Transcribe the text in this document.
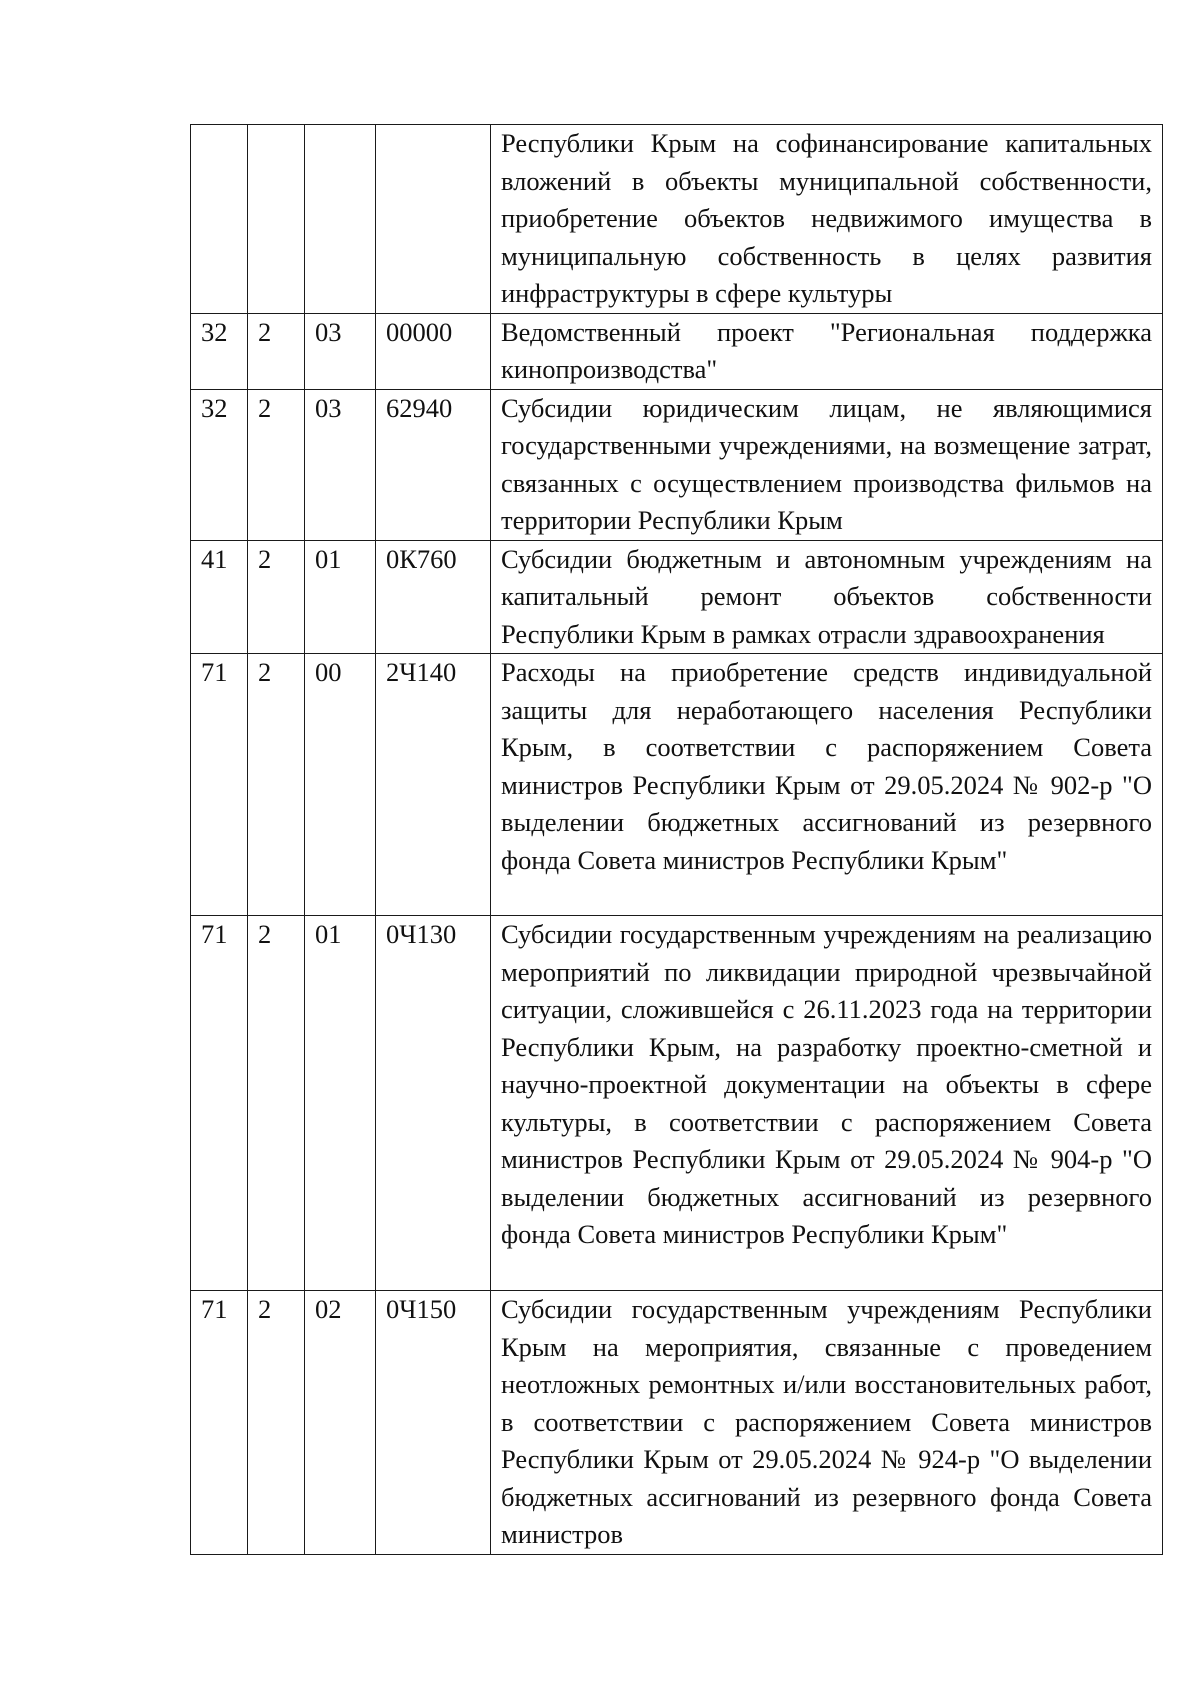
				Республики Крым на софинансирование капитальных вложений в объекты муниципальной собственности, приобретение объектов недвижимого имущества в муниципальную собственность в целях развития инфраструктуры в сфере культуры
32	2	03	00000	Ведомственный проект "Региональная поддержка кинопроизводства"
32	2	03	62940	Субсидии юридическим лицам, не являющимися государственными учреждениями, на возмещение затрат, связанных с осуществлением производства фильмов на территории Республики Крым
41	2	01	0К760	Субсидии бюджетным и автономным учреждениям на капитальный ремонт объектов собственности Республики Крым в рамках отрасли здравоохранения
71	2	00	2Ч140	Расходы на приобретение средств индивидуальной защиты для неработающего населения Республики Крым, в соответствии с распоряжением Совета министров Республики Крым от 29.05.2024 № 902-р "О выделении бюджетных ассигнований из резервного фонда Совета министров Республики Крым"
71	2	01	0Ч130	Субсидии государственным учреждениям на реализацию мероприятий по ликвидации природной чрезвычайной ситуации, сложившейся с 26.11.2023 года на территории Республики Крым, на разработку проектно-сметной и научно-проектной документации на объекты в сфере культуры, в соответствии с распоряжением Совета министров Республики Крым от 29.05.2024 № 904-р "О выделении бюджетных ассигнований из резервного фонда Совета министров Республики Крым"
71	2	02	0Ч150	Субсидии государственным учреждениям Республики Крым на мероприятия, связанные с проведением неотложных ремонтных и/или восстановительных работ, в соответствии с распоряжением Совета министров Республики Крым от 29.05.2024 № 924-р "О выделении бюджетных ассигнований из резервного фонда Совета министров
